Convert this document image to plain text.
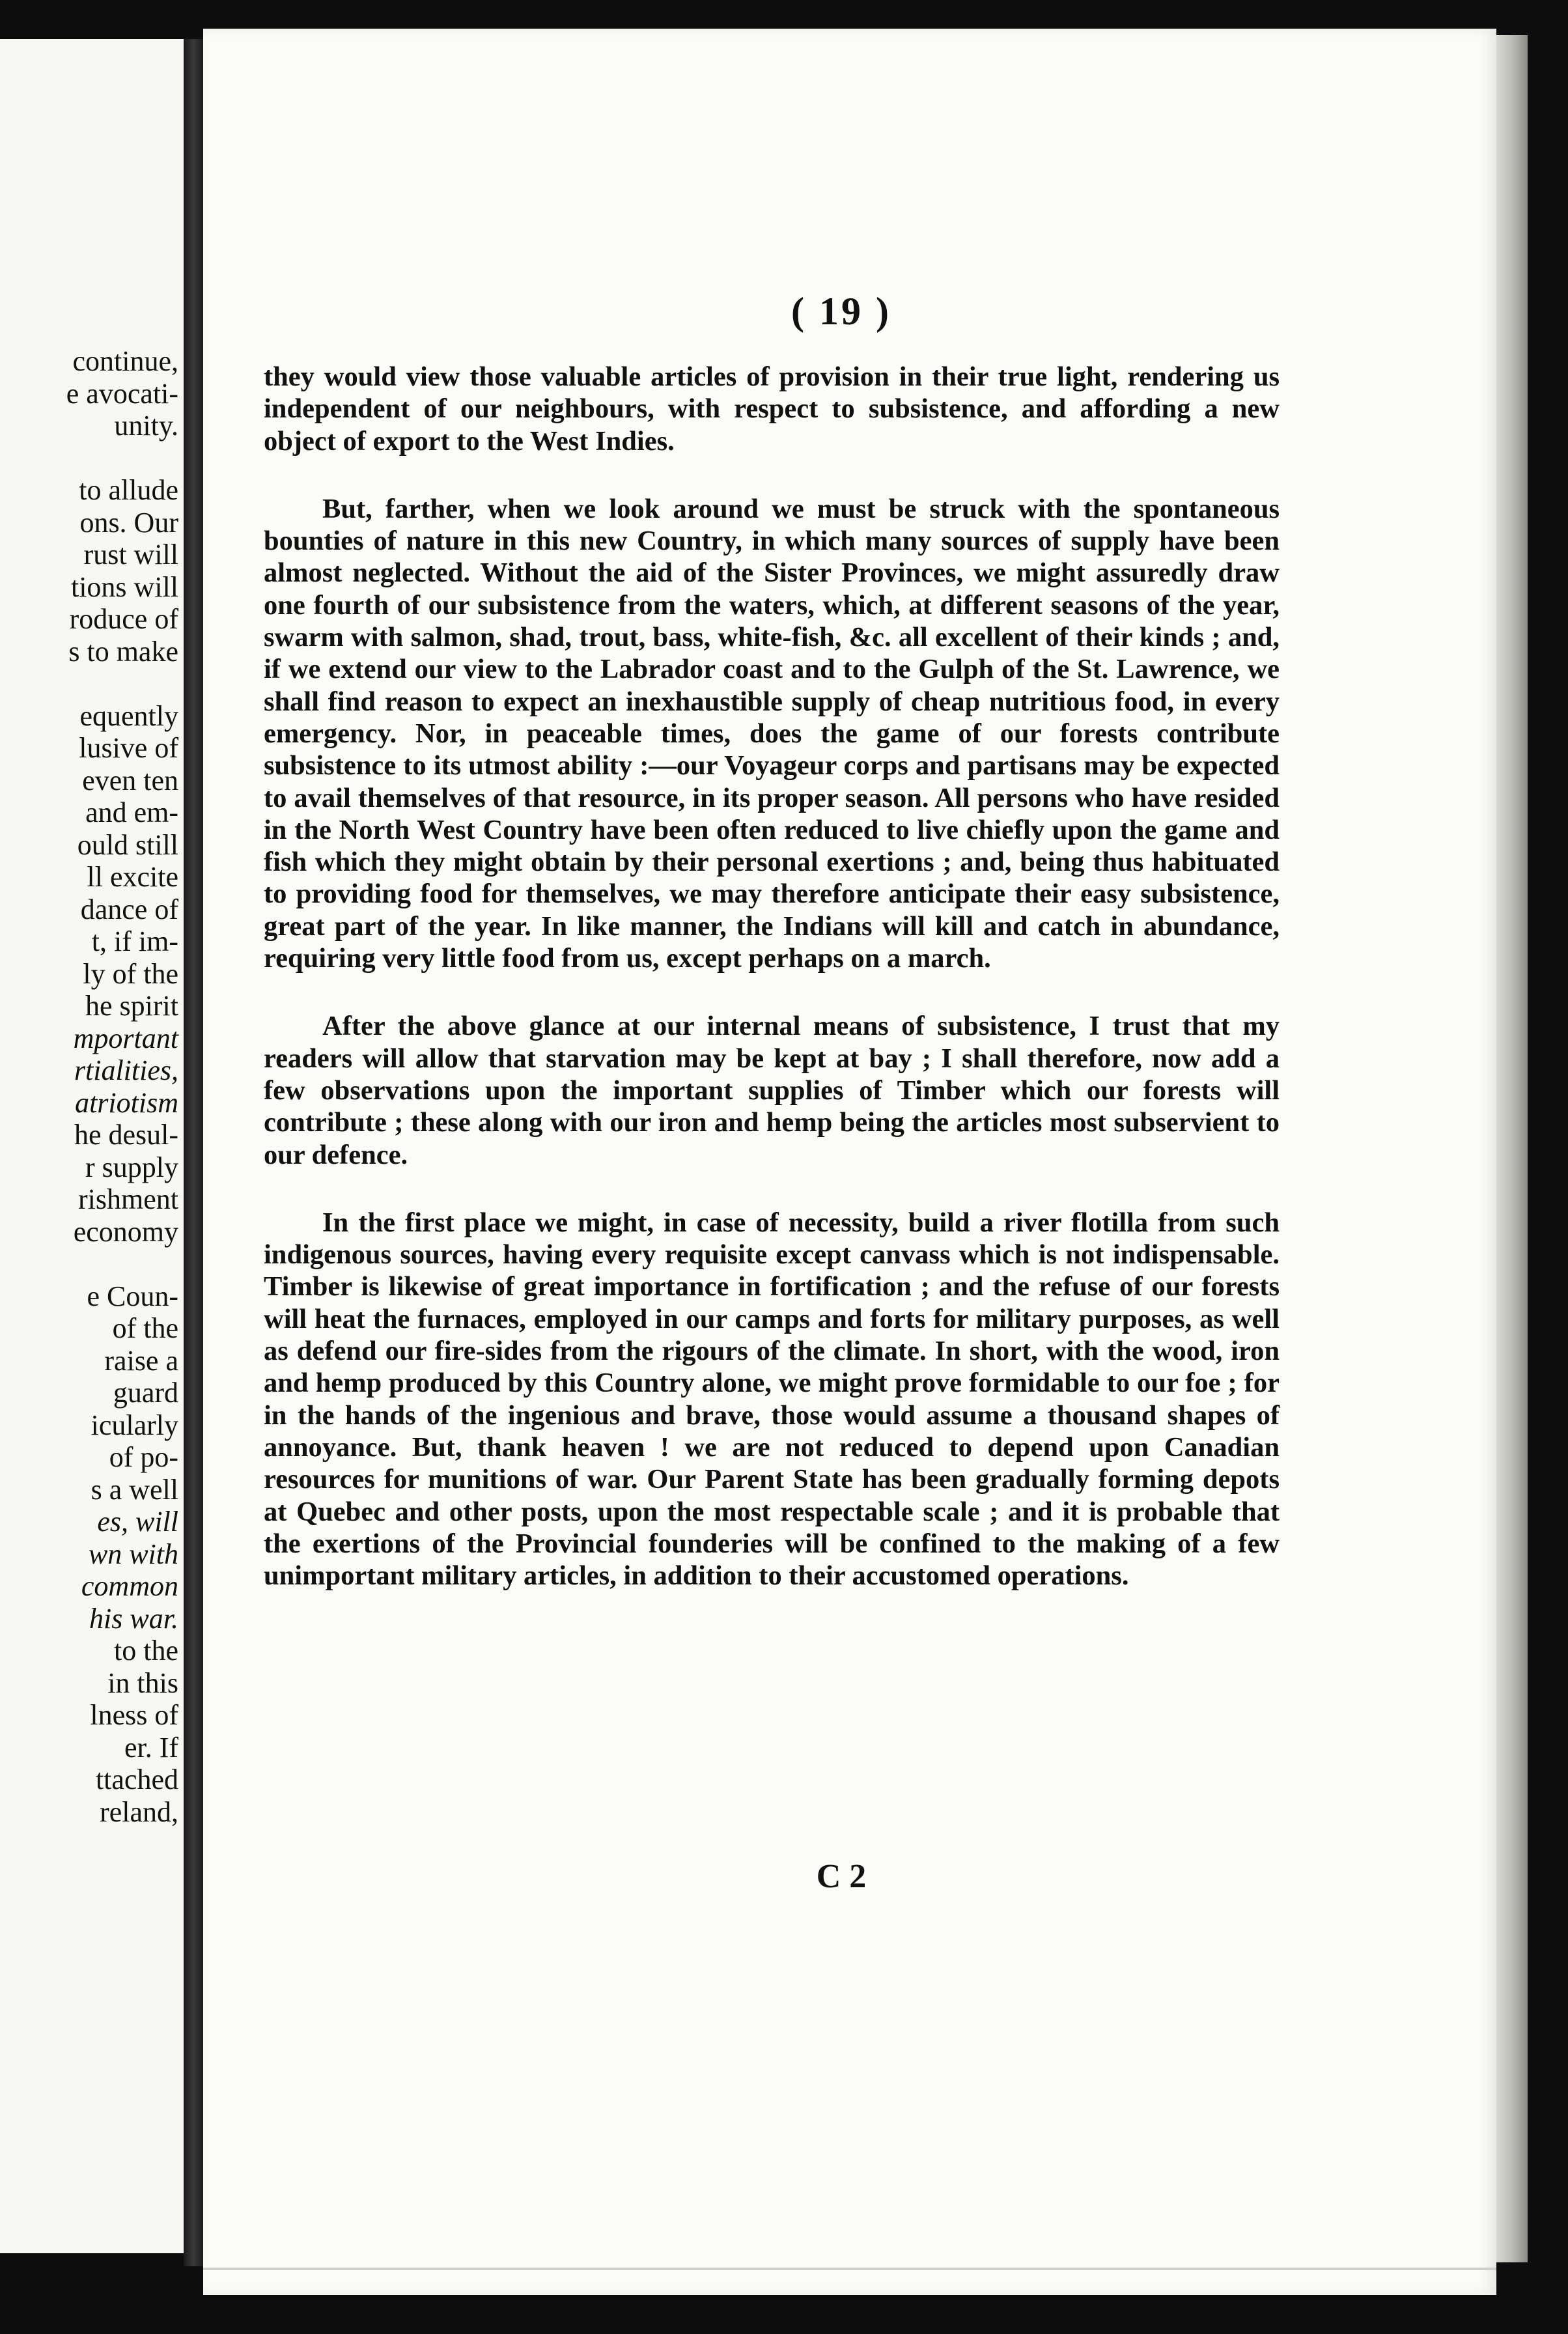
continue,
e avocati-
unity.
to allude
ons. Our
rust will
tions will
roduce of
s to make
equently
lusive of
even ten
and em-
ould still
ll excite
dance of
t, if im-
ly of the
he spirit
mportant
rtialities,
atriotism
he desul-
r supply
rishment
economy
e Coun-
of the
raise a
guard
icularly
of po-
s a well
es, will
wn with
common
his war.
to the
in this
lness of
er. If
ttached
reland,
( 19 )

they would view those valuable articles of provision in their true light, rendering us independent of our neighbours, with respect to subsistence, and affording a new object of export to the West Indies.

But, farther, when we look around we must be struck with the spontaneous bounties of nature in this new Country, in which many sources of supply have been almost neglected. Without the aid of the Sister Provinces, we might assuredly draw one fourth of our subsistence from the waters, which, at different seasons of the year, swarm with salmon, shad, trout, bass, white-fish, &c. all excellent of their kinds ; and, if we extend our view to the Labrador coast and to the Gulph of the St. Lawrence, we shall find reason to expect an inexhaustible supply of cheap nutritious food, in every emergency. Nor, in peaceable times, does the game of our forests contribute subsistence to its utmost ability :—our Voyageur corps and partisans may be expected to avail themselves of that resource, in its proper season. All persons who have resided in the North West Country have been often reduced to live chiefly upon the game and fish which they might obtain by their personal exertions ; and, being thus habituated to providing food for themselves, we may therefore anticipate their easy subsistence, great part of the year. In like manner, the Indians will kill and catch in abundance, requiring very little food from us, except perhaps on a march.

After the above glance at our internal means of subsistence, I trust that my readers will allow that starvation may be kept at bay ; I shall therefore, now add a few observations upon the important supplies of Timber which our forests will contribute ; these along with our iron and hemp being the articles most subservient to our defence.

In the first place we might, in case of necessity, build a river flotilla from such indigenous sources, having every requisite except canvass which is not indispensable. Timber is likewise of great importance in fortification ; and the refuse of our forests will heat the furnaces, employed in our camps and forts for military purposes, as well as defend our fire-sides from the rigours of the climate. In short, with the wood, iron and hemp produced by this Country alone, we might prove formidable to our foe ; for in the hands of the ingenious and brave, those would assume a thousand shapes of annoyance. But, thank heaven ! we are not reduced to depend upon Canadian resources for munitions of war. Our Parent State has been gradually forming depots at Quebec and other posts, upon the most respectable scale ; and it is probable that the exertions of the Provincial founderies will be confined to the making of a few unimportant military articles, in addition to their accustomed operations.

C 2
